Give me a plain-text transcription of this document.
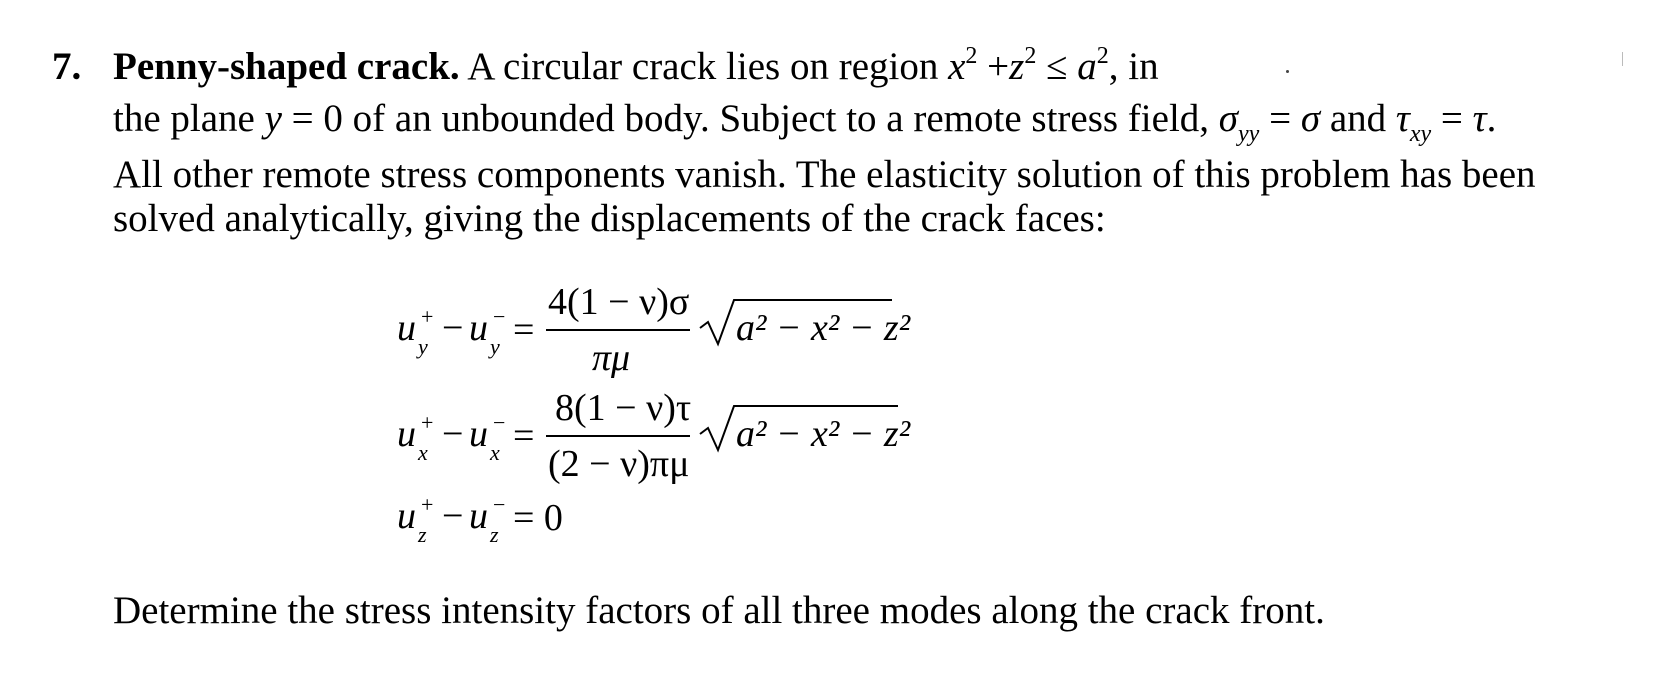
7. Penny-shaped crack. A circular crack lies on region $x^2 +z^2 \le a^2$, in
the plane y = 0 of an unbounded body. Subject to a remote stress field, $\sigma_{yy} = \sigma$ and $\tau_{xy} = \tau$.
All other remote stress components vanish. The elasticity solution of this problem has been
solved analytically, giving the displacements of the crack faces:
u +
y − u −
y =
4(1 − ν)σ
πμ
a² − x² − z²
u +
x − u −
x =
8(1 − ν)τ
(2 − ν)πμ
a² − x² − z²
u +
z − u −
z = 0
Determine the stress intensity factors of all three modes along the crack front.
